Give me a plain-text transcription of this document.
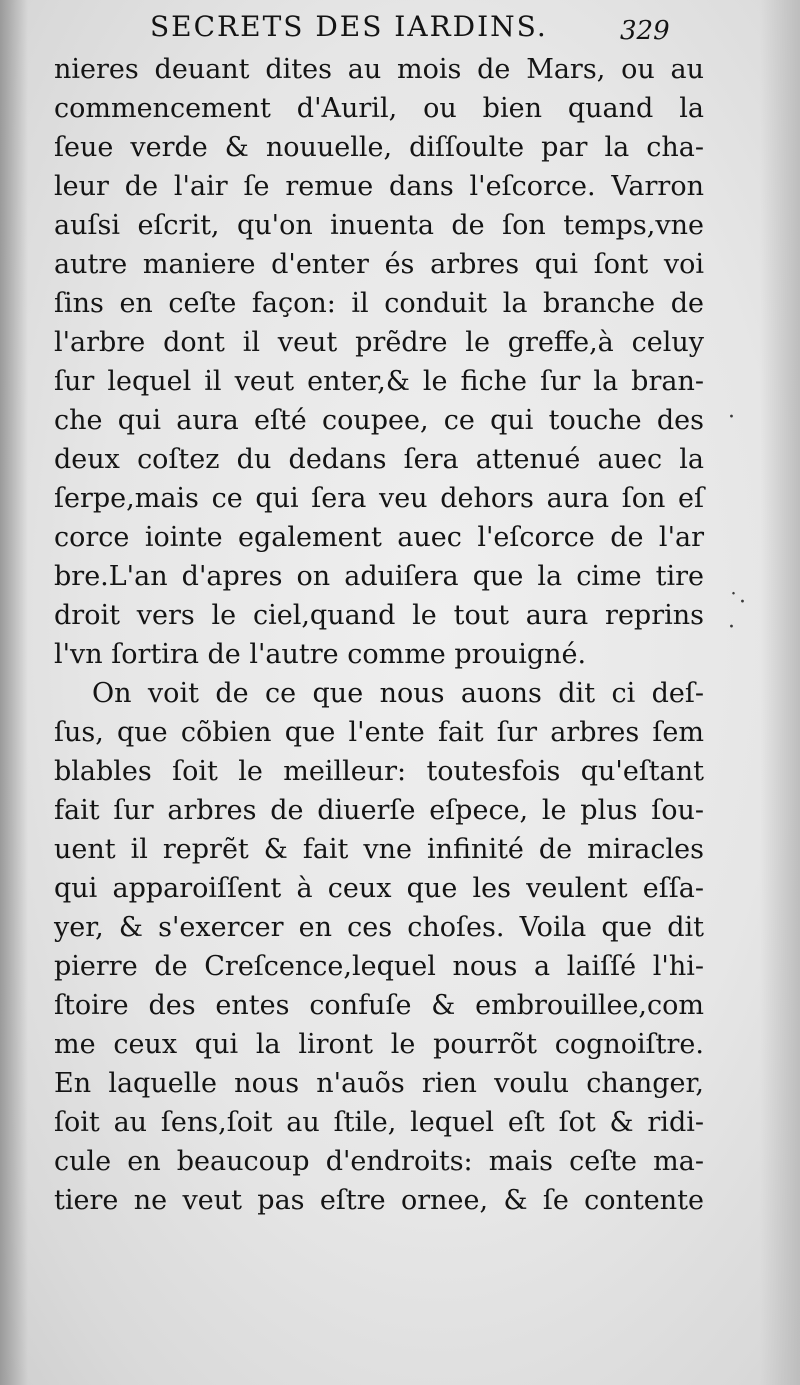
SECRETS DES IARDINS.	329
nieres deuant dites au mois de Mars, ou au
commencement d'Auril, ou bien quand la
ſeue verde & nouuelle, diſſoulte par la cha-
leur de l'air ſe remue dans l'eſcorce. Varron
auſsi eſcrit, qu'on inuenta de ſon temps,vne
autre maniere d'enter és arbres qui ſont voi
ſins en ceſte façon: il conduit la branche de
l'arbre dont il veut prẽdre le greffe,à celuy
ſur lequel il veut enter,& le fiche ſur la bran-
che qui aura eſté coupee, ce qui touche des
deux coſtez du dedans ſera attenué auec la
ſerpe,mais ce qui ſera veu dehors aura ſon eſ
corce iointe egalement auec l'eſcorce de l'ar
bre.L'an d'apres on aduiſera que la cime tire
droit vers le ciel,quand le tout aura reprins
l'vn ſortira de l'autre comme prouigné.
On voit de ce que nous auons dit ci deſ-
ſus, que cõbien que l'ente fait ſur arbres ſem
blables ſoit le meilleur: toutesfois qu'eſtant
fait ſur arbres de diuerſe eſpece, le plus ſou-
uent il reprẽt & fait vne infinité de miracles
qui apparoiſſent à ceux que les veulent eſſa-
yer, & s'exercer en ces choſes. Voila que dit
pierre de Creſcence,lequel nous a laiſſé l'hi-
ſtoire des entes confuſe & embrouillee,com
me ceux qui la liront le pourrõt cognoiſtre.
En laquelle nous n'auõs rien voulu changer,
ſoit au ſens,ſoit au ſtile, lequel eſt ſot & ridi-
cule en beaucoup d'endroits: mais ceſte ma-
tiere ne veut pas eſtre ornee, & ſe contente
·
˙·
·
